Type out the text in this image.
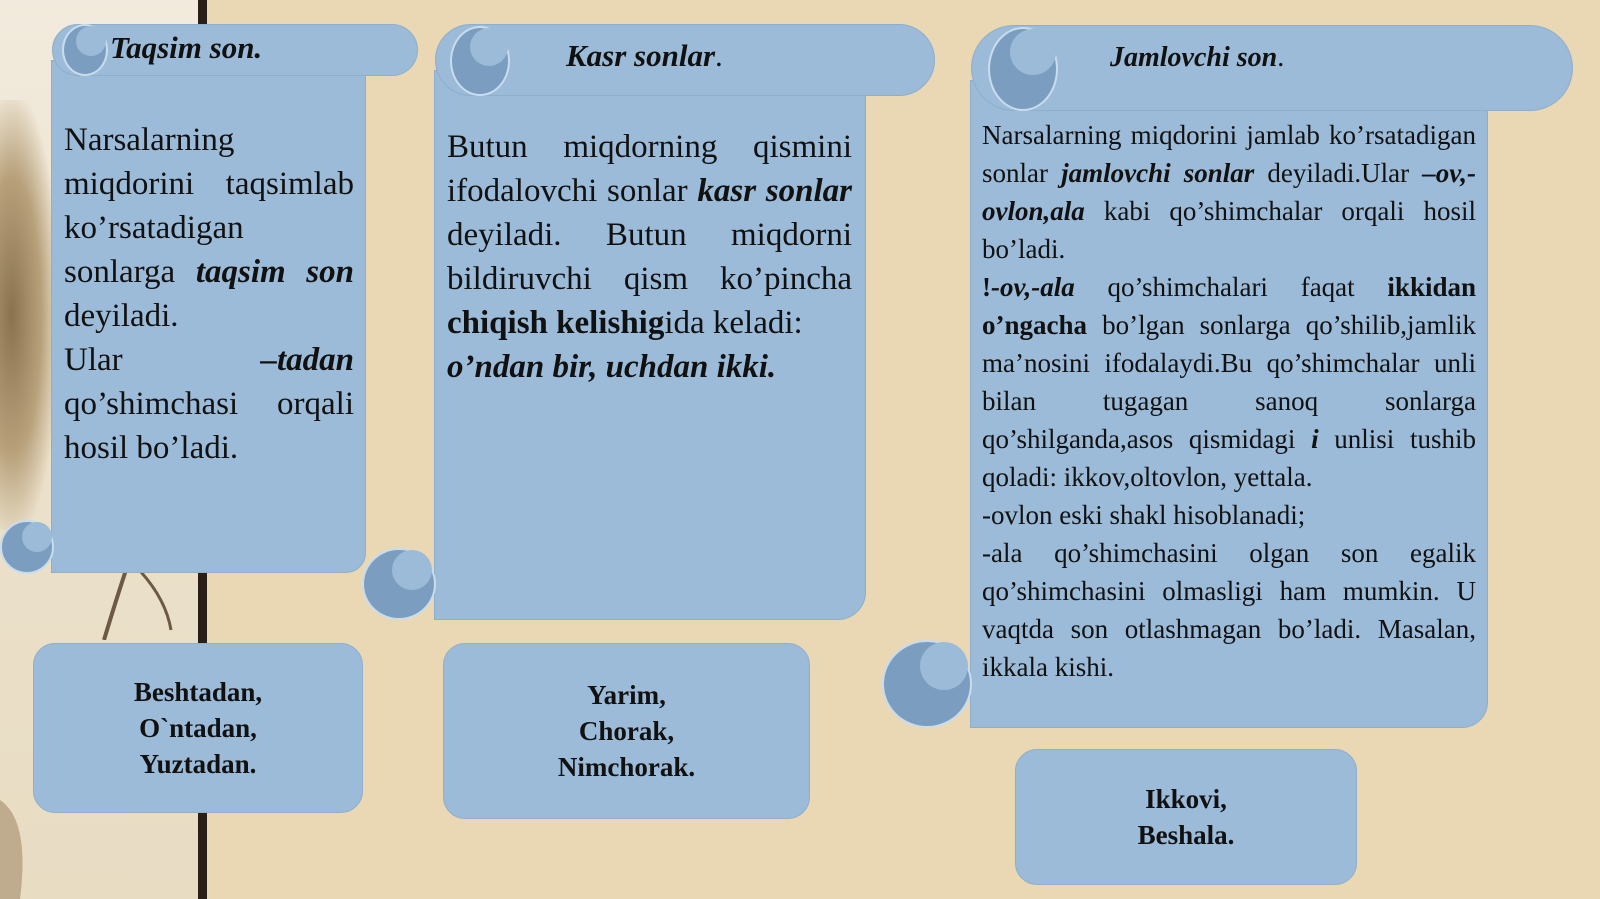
Taqsim son.

Narsalarning miqdorini taqsimlab ko’rsatadigan sonlarga taqsim son deyiladi.

Ular –tadan qo’shimchasi orqali hosil bo’ladi.

Kasr sonlar.

Butun miqdorning qismini ifodalovchi sonlar kasr sonlar deyiladi. Butun miqdorni bildiruvchi qism ko’pincha chiqish kelishigida keladi:

o’ndan bir, uchdan ikki.

Jamlovchi son.

Narsalarning miqdorini jamlab ko’rsatadigan sonlar jamlovchi sonlar deyiladi.Ular –ov,-ovlon,ala kabi qo’shimchalar orqali hosil bo’ladi.

!-ov,-ala qo’shimchalari faqat ikkidan o’ngacha bo’lgan sonlarga qo’shilib,jamlik ma’nosini ifodalaydi.Bu qo’shimchalar unli bilan tugagan sanoq sonlarga qo’shilganda,asos qismidagi i unlisi tushib qoladi: ikkov,oltovlon, yettala.

-ovlon eski shakl hisoblanadi;

-ala qo’shimchasini olgan son egalik qo’shimchasini olmasligi ham mumkin. U vaqtda son otlashmagan bo’ladi. Masalan, ikkala kishi.

Beshtadan,
O`ntadan,
Yuztadan.
Yarim,
Chorak,
Nimchorak.
Ikkovi,
Beshala.
